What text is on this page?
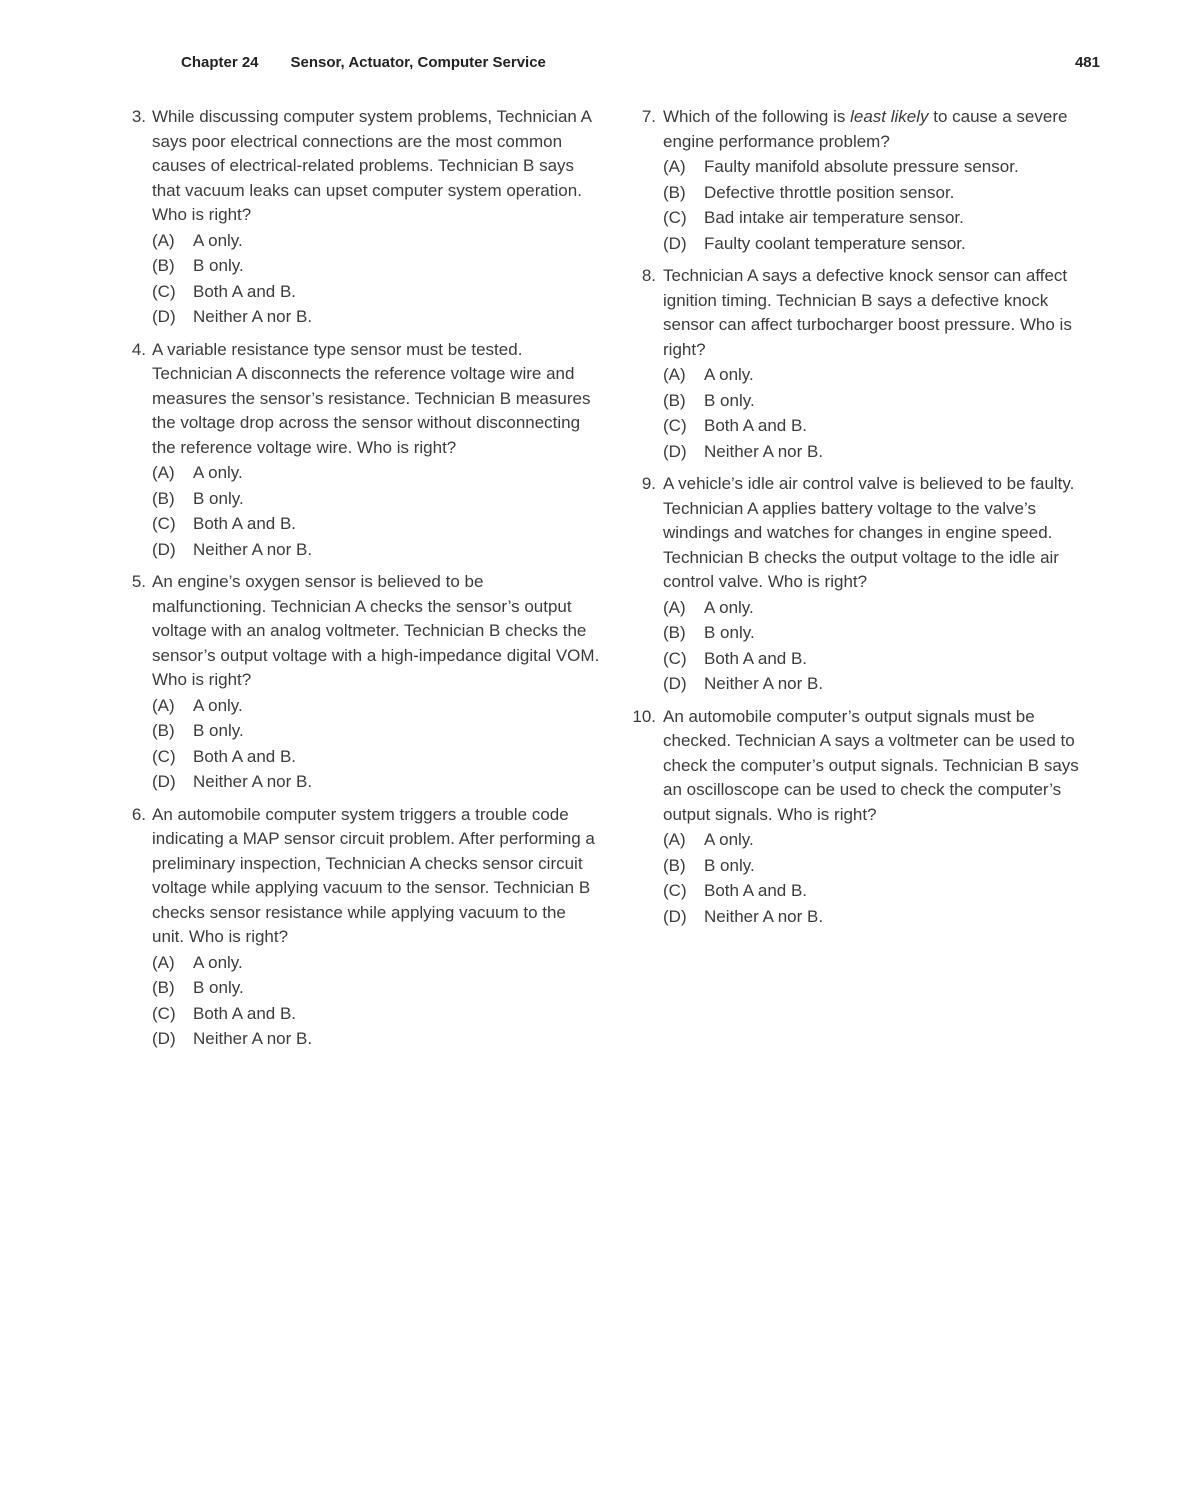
Chapter 24 Sensor, Actuator, Computer Service	481
3. While discussing computer system problems, Technician A says poor electrical connections are the most common causes of electrical-related problems. Technician B says that vacuum leaks can upset computer system operation. Who is right?

(A)	A only.
(B)	B only.
(C)	Both A and B.
(D)	Neither A nor B.
4. A variable resistance type sensor must be tested. Technician A disconnects the reference voltage wire and measures the sensor’s resistance. Technician B measures the voltage drop across the sensor without disconnecting the reference voltage wire. Who is right?

(A)	A only.
(B)	B only.
(C)	Both A and B.
(D)	Neither A nor B.
5. An engine’s oxygen sensor is believed to be malfunctioning. Technician A checks the sensor’s output voltage with an analog voltmeter. Technician B checks the sensor’s output voltage with a high-impedance digital VOM. Who is right?

(A)	A only.
(B)	B only.
(C)	Both A and B.
(D)	Neither A nor B.
6. An automobile computer system triggers a trouble code indicating a MAP sensor circuit problem. After performing a preliminary inspection, Technician A checks sensor circuit voltage while applying vacuum to the sensor. Technician B checks sensor resistance while applying vacuum to the unit. Who is right?

(A)	A only.
(B)	B only.
(C)	Both A and B.
(D)	Neither A nor B.
7. Which of the following is least likely to cause a severe engine performance problem?

(A)	Faulty manifold absolute pressure sensor.
(B)	Defective throttle position sensor.
(C)	Bad intake air temperature sensor.
(D)	Faulty coolant temperature sensor.
8. Technician A says a defective knock sensor can affect ignition timing. Technician B says a defective knock sensor can affect turbocharger boost pressure. Who is right?

(A)	A only.
(B)	B only.
(C)	Both A and B.
(D)	Neither A nor B.
9. A vehicle’s idle air control valve is believed to be faulty. Technician A applies battery voltage to the valve’s windings and watches for changes in engine speed. Technician B checks the output voltage to the idle air control valve. Who is right?

(A)	A only.
(B)	B only.
(C)	Both A and B.
(D)	Neither A nor B.
10. An automobile computer’s output signals must be checked. Technician A says a voltmeter can be used to check the computer’s output signals. Technician B says an oscilloscope can be used to check the computer’s output signals. Who is right?

(A)	A only.
(B)	B only.
(C)	Both A and B.
(D)	Neither A nor B.
